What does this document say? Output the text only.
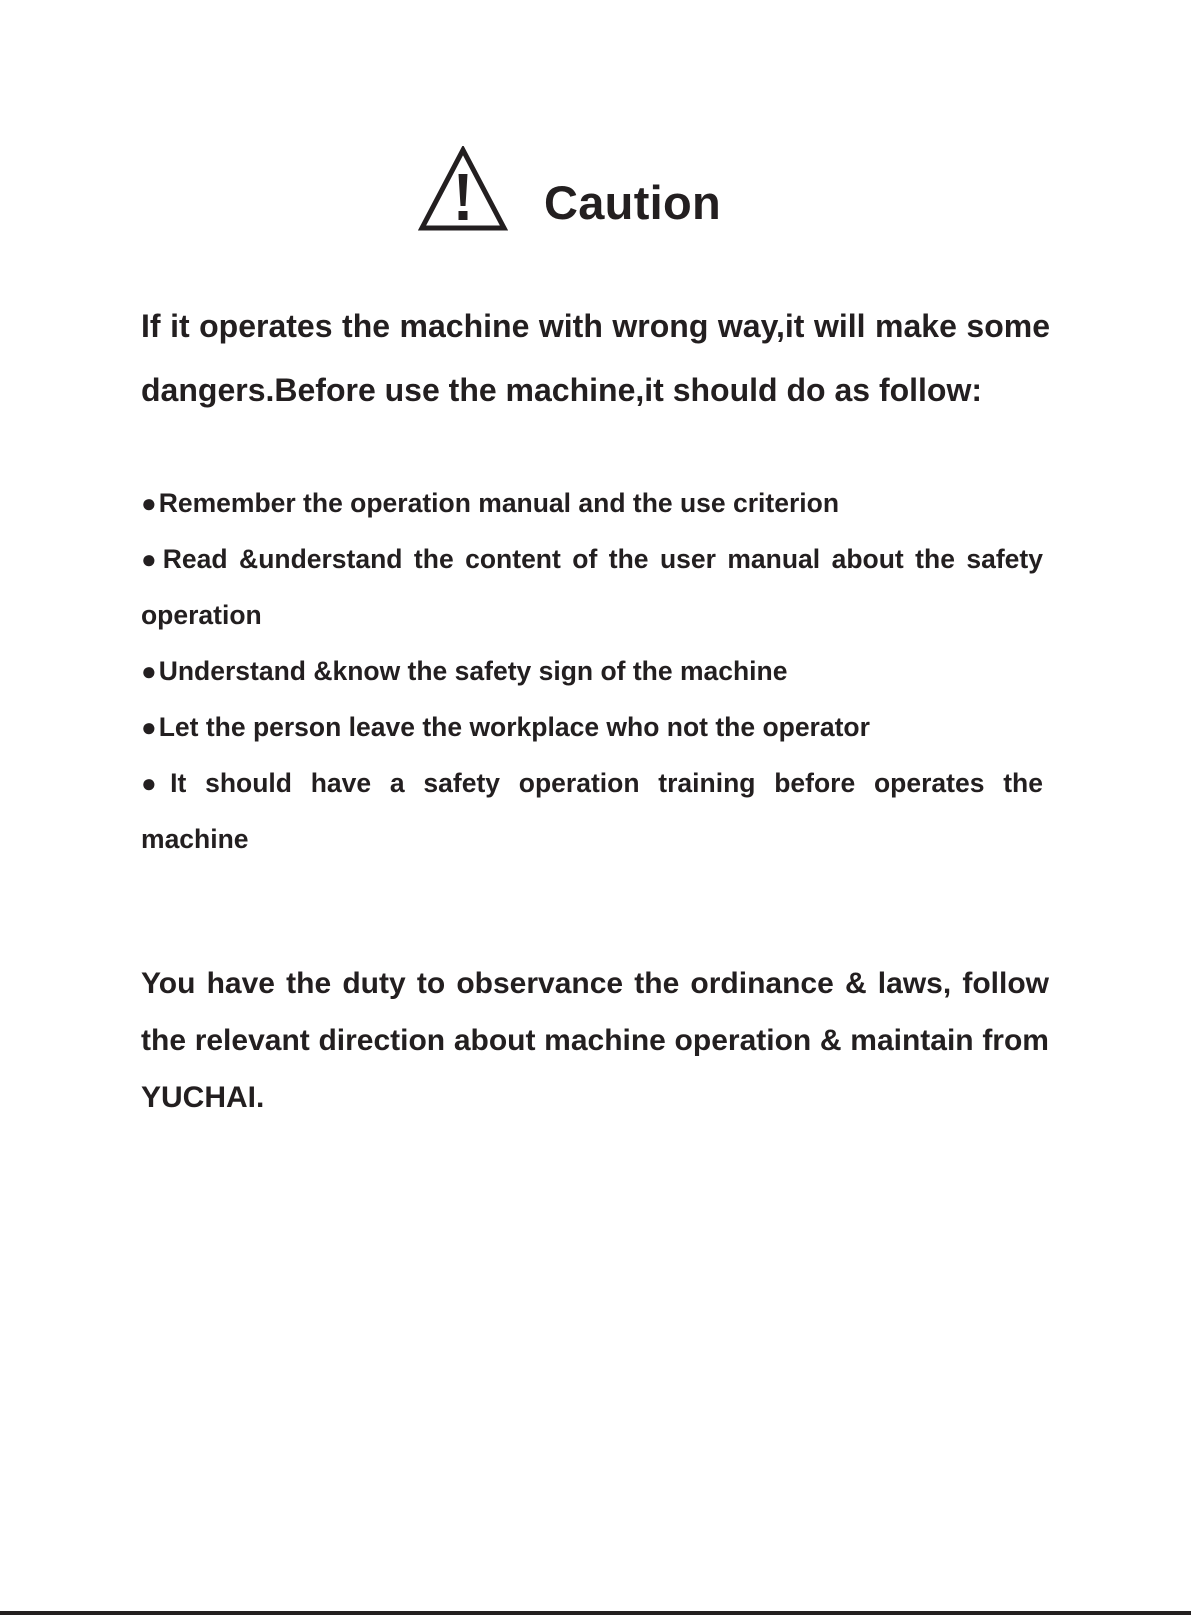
Caution
If it operates the machine with wrong way,it will make some
dangers.Before use the machine,it should do as follow:
●Remember the operation manual and the use criterion
●Read &understand the content of the user manual about the safety
operation
●Understand &know the safety sign of the machine
●Let the person leave the workplace who not the operator
●It should have a safety operation training before operates the
machine
You have the duty to observance the ordinance & laws, follow
the relevant direction about machine operation & maintain from
YUCHAI.
